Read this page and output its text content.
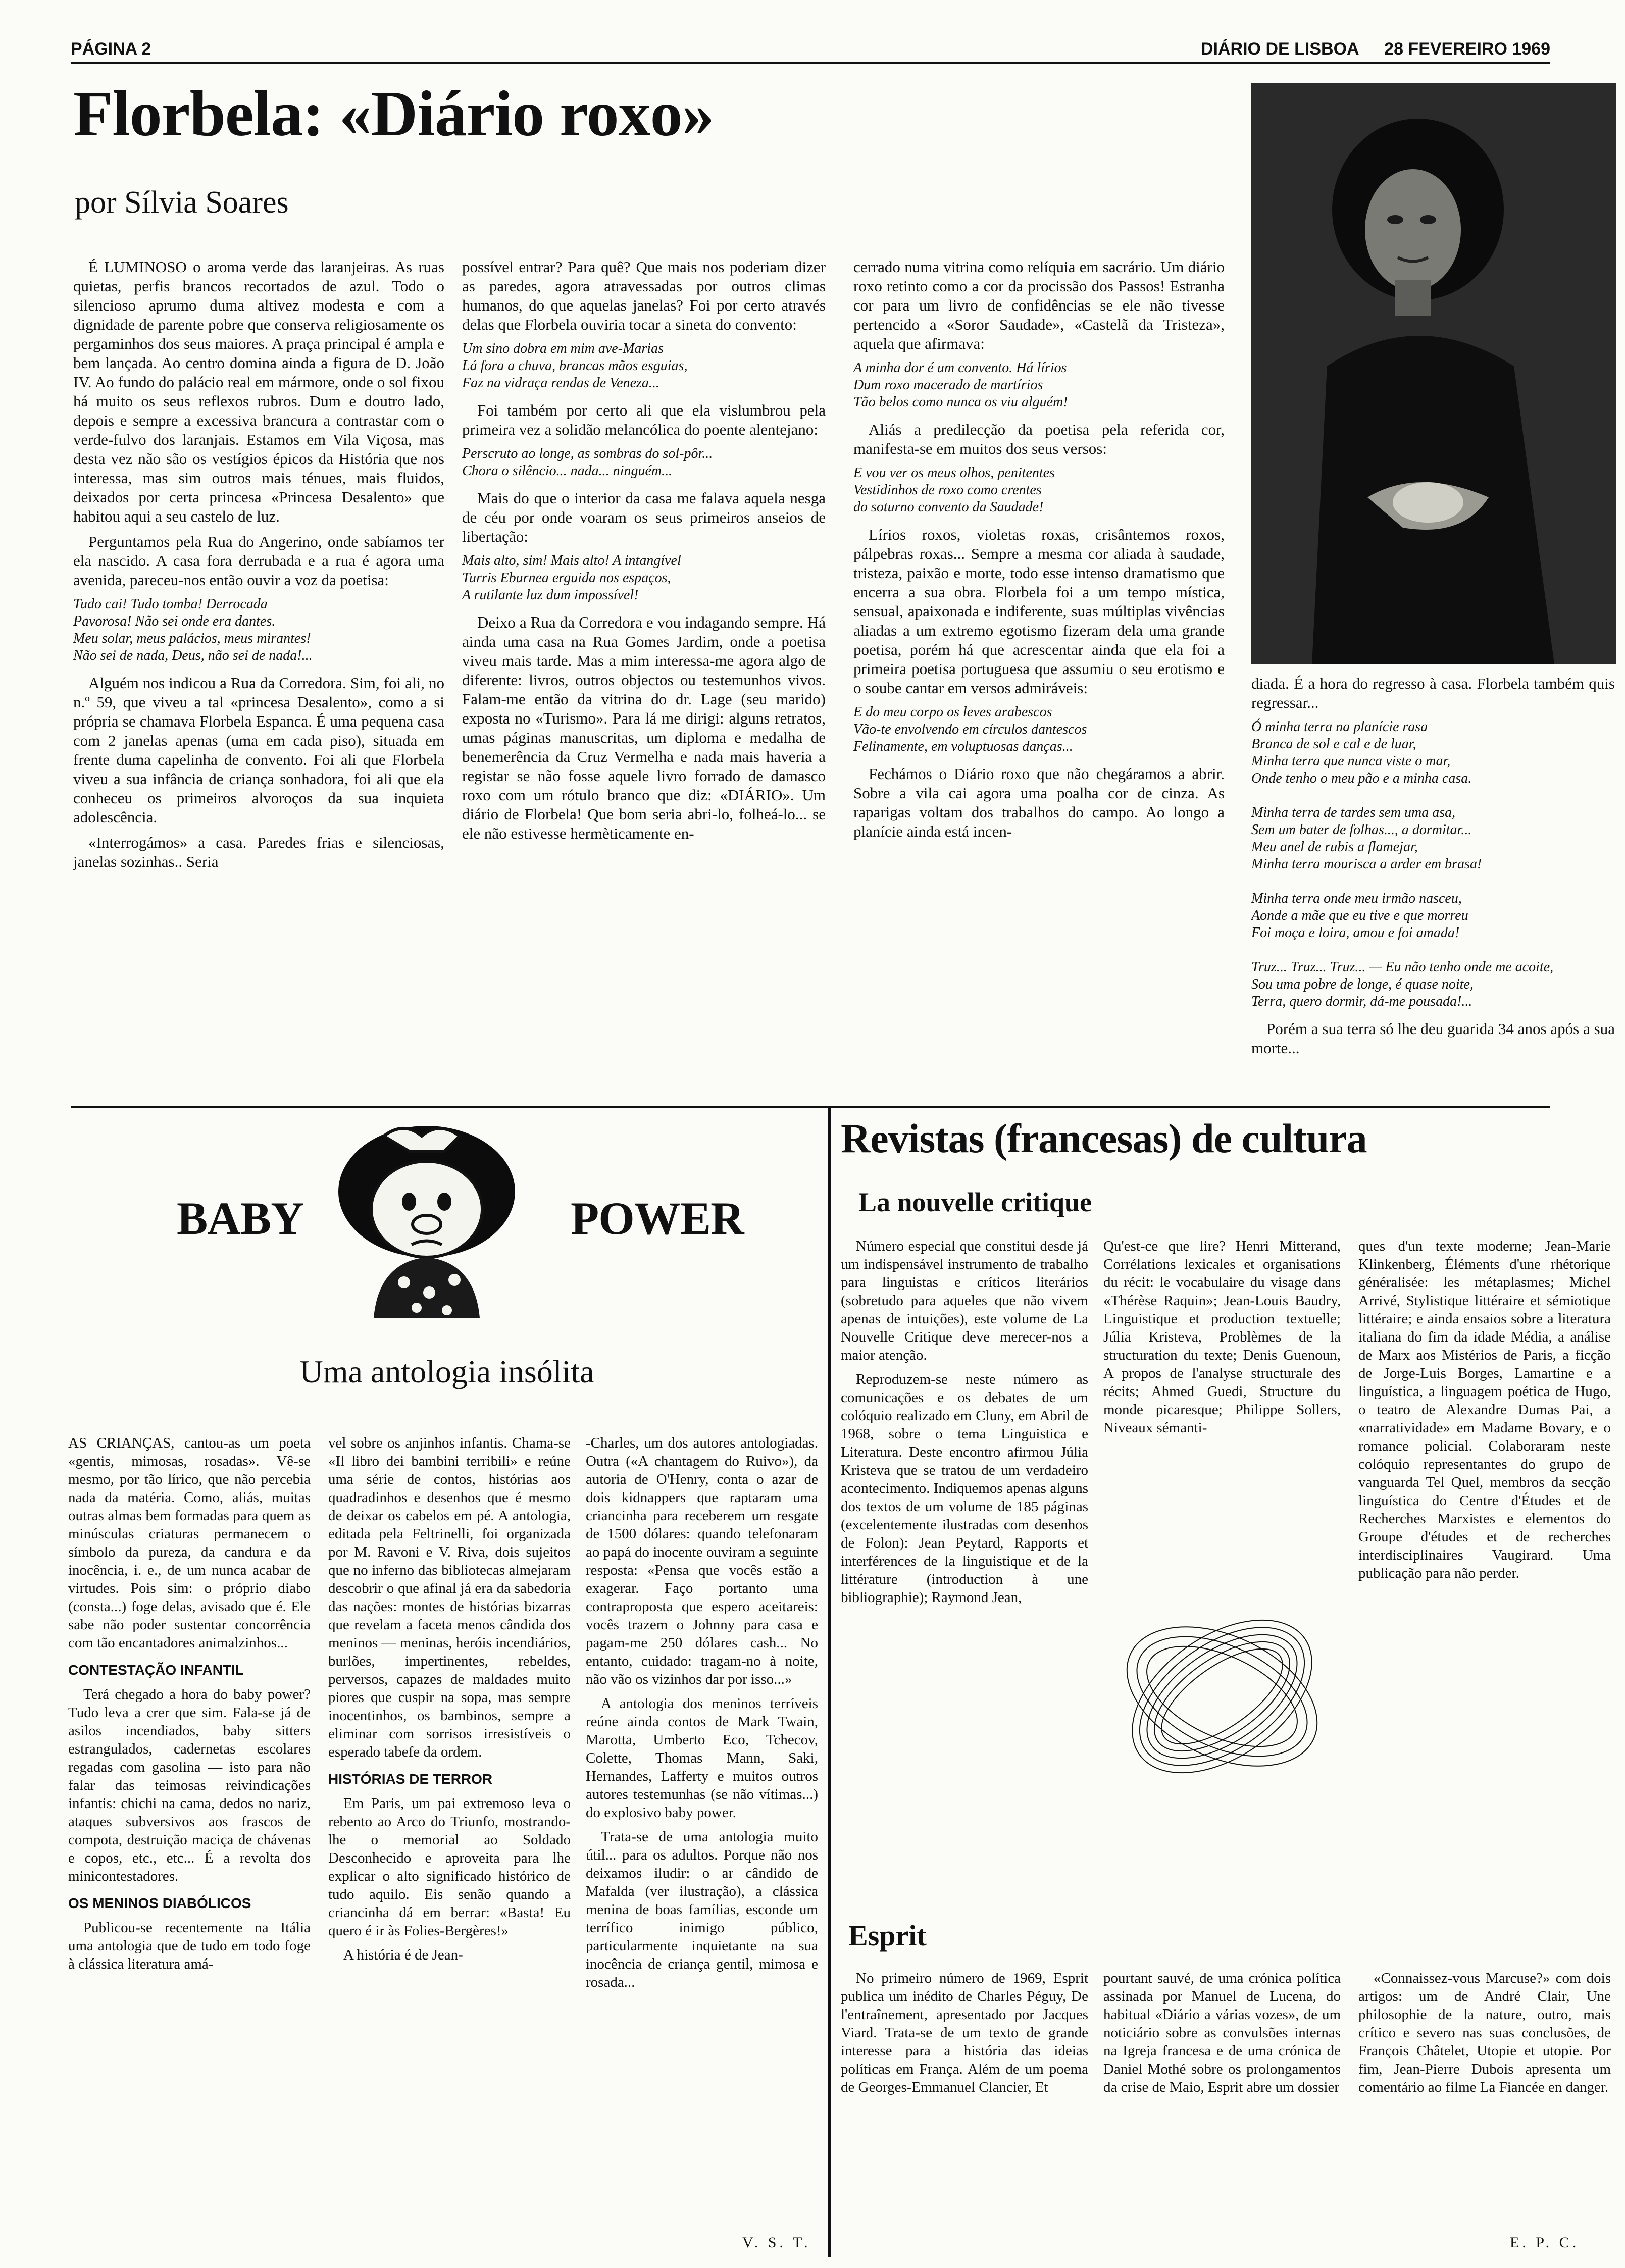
PÁGINA 2	DIÁRIO DE LISBOA 28 FEVEREIRO 1969
Florbela: «Diário roxo»
por Sílvia Soares

É LUMINOSO o aroma verde das laranjeiras. As ruas quietas, perfis brancos recortados de azul. Todo o silencioso aprumo duma altivez modesta e com a dignidade de parente pobre que conserva religiosamente os pergaminhos dos seus maiores. A praça principal é ampla e bem lançada. Ao centro domina ainda a figura de D. João IV. Ao fundo do palácio real em mármore, onde o sol fixou há muito os seus reflexos rubros. Dum e doutro lado, depois e sempre a excessiva brancura a contrastar com o verde-fulvo dos laranjais. Estamos em Vila Viçosa, mas desta vez não são os vestígios épicos da História que nos interessa, mas sim outros mais ténues, mais fluidos, deixados por certa princesa «Princesa Desalento» que habitou aqui a seu castelo de luz.

Perguntamos pela Rua do Angerino, onde sabíamos ter ela nascido. A casa fora derrubada e a rua é agora uma avenida, pareceu-nos então ouvir a voz da poetisa:

Tudo cai! Tudo tomba! Derrocada
Pavorosa! Não sei onde era dantes.
Meu solar, meus palácios, meus mirantes!
Não sei de nada, Deus, não sei de nada!...

Alguém nos indicou a Rua da Corredora. Sim, foi ali, no n.º 59, que viveu a tal «princesa Desalento», como a si própria se chamava Florbela Espanca. É uma pequena casa com 2 janelas apenas (uma em cada piso), situada em frente duma capelinha de convento. Foi ali que Florbela viveu a sua infância de criança sonhadora, foi ali que ela conheceu os primeiros alvoroços da sua inquieta adolescência.

«Interrogámos» a casa. Paredes frias e silenciosas, janelas sozinhas.. Seria

possível entrar? Para quê? Que mais nos poderiam dizer as paredes, agora atravessadas por outros climas humanos, do que aquelas janelas? Foi por certo através delas que Florbela ouviria tocar a sineta do convento:

Um sino dobra em mim ave-Marias
Lá fora a chuva, brancas mãos esguias,
Faz na vidraça rendas de Veneza...

Foi também por certo ali que ela vislumbrou pela primeira vez a solidão melancólica do poente alentejano:

Perscruto ao longe, as sombras do sol-pôr...
Chora o silêncio... nada... ninguém...

Mais do que o interior da casa me falava aquela nesga de céu por onde voaram os seus primeiros anseios de libertação:

Mais alto, sim! Mais alto! A intangível
Turris Eburnea erguida nos espaços,
A rutilante luz dum impossível!

Deixo a Rua da Corredora e vou indagando sempre. Há ainda uma casa na Rua Gomes Jardim, onde a poetisa viveu mais tarde. Mas a mim interessa-me agora algo de diferente: livros, outros objectos ou testemunhos vivos. Falam-me então da vitrina do dr. Lage (seu marido) exposta no «Turismo». Para lá me dirigi: alguns retratos, umas páginas manuscritas, um diploma e medalha de benemerência da Cruz Vermelha e nada mais haveria a registar se não fosse aquele livro forrado de damasco roxo com um rótulo branco que diz: «DIÁRIO». Um diário de Florbela! Que bom seria abri-lo, folheá-lo... se ele não estivesse hermèticamente en-

cerrado numa vitrina como relíquia em sacrário. Um diário roxo retinto como a cor da procissão dos Passos! Estranha cor para um livro de confidências se ele não tivesse pertencido a «Soror Saudade», «Castelã da Tristeza», aquela que afirmava:

A minha dor é um convento. Há lírios
Dum roxo macerado de martírios
Tão belos como nunca os viu alguém!

Aliás a predilecção da poetisa pela referida cor, manifesta-se em muitos dos seus versos:

E vou ver os meus olhos, penitentes
Vestidinhos de roxo como crentes
do soturno convento da Saudade!

Lírios roxos, violetas roxas, crisântemos roxos, pálpebras roxas... Sempre a mesma cor aliada à saudade, tristeza, paixão e morte, todo esse intenso dramatismo que encerra a sua obra. Florbela foi a um tempo mística, sensual, apaixonada e indiferente, suas múltiplas vivências aliadas a um extremo egotismo fizeram dela uma grande poetisa, porém há que acrescentar ainda que ela foi a primeira poetisa portuguesa que assumiu o seu erotismo e o soube cantar em versos admiráveis:

E do meu corpo os leves arabescos
Vão-te envolvendo em círculos dantescos
Felinamente, em voluptuosas danças...

Fechámos o Diário roxo que não chegáramos a abrir. Sobre a vila cai agora uma poalha cor de cinza. As raparigas voltam dos trabalhos do campo. Ao longo a planície ainda está incen-

diada. É a hora do regresso à casa. Florbela também quis regressar...

Ó minha terra na planície rasa
Branca de sol e cal e de luar,
Minha terra que nunca viste o mar,
Onde tenho o meu pão e a minha casa.

Minha terra de tardes sem uma asa,
Sem um bater de folhas..., a dormitar...
Meu anel de rubis a flamejar,
Minha terra mourisca a arder em brasa!

Minha terra onde meu irmão nasceu,
Aonde a mãe que eu tive e que morreu
Foi moça e loira, amou e foi amada!

Truz... Truz... Truz... — Eu não tenho onde me acoite,
Sou uma pobre de longe, é quase noite,
Terra, quero dormir, dá-me pousada!...

Porém a sua terra só lhe deu guarida 34 anos após a sua morte...

BABY	POWER
Uma antologia insólita

AS CRIANÇAS, cantou-as um poeta «gentis, mimosas, rosadas». Vê-se mesmo, por tão lírico, que não percebia nada da matéria. Como, aliás, muitas outras almas bem formadas para quem as minúsculas criaturas permanecem o símbolo da pureza, da candura e da inocência, i. e., de um nunca acabar de virtudes. Pois sim: o próprio diabo (consta...) foge delas, avisado que é. Ele sabe não poder sustentar concorrência com tão encantadores animalzinhos...

CONTESTAÇÃO INFANTIL

Terá chegado a hora do baby power? Tudo leva a crer que sim. Fala-se já de asilos incendiados, baby sitters estrangulados, cadernetas escolares regadas com gasolina — isto para não falar das teimosas reivindicações infantis: chichi na cama, dedos no nariz, ataques subversivos aos frascos de compota, destruição maciça de chávenas e copos, etc., etc... É a revolta dos minicontestadores.

OS MENINOS DIABÓLICOS

Publicou-se recentemente na Itália uma antologia que de tudo em todo foge à clássica literatura amá-

vel sobre os anjinhos infantis. Chama-se «Il libro dei bambini terribili» e reúne uma série de contos, histórias aos quadradinhos e desenhos que é mesmo de deixar os cabelos em pé. A antologia, editada pela Feltrinelli, foi organizada por M. Ravoni e V. Riva, dois sujeitos que no inferno das bibliotecas almejaram descobrir o que afinal já era da sabedoria das nações: montes de histórias bizarras que revelam a faceta menos cândida dos meninos — meninas, heróis incendiários, burlões, impertinentes, rebeldes, perversos, capazes de maldades muito piores que cuspir na sopa, mas sempre inocentinhos, os bambinos, sempre a eliminar com sorrisos irresistíveis o esperado tabefe da ordem.

HISTÓRIAS DE TERROR

Em Paris, um pai extremoso leva o rebento ao Arco do Triunfo, mostrando-lhe o memorial ao Soldado Desconhecido e aproveita para lhe explicar o alto significado histórico de tudo aquilo. Eis senão quando a criancinha dá em berrar: «Basta! Eu quero é ir às Folies-Bergères!»

A história é de Jean-

-Charles, um dos autores antologiadas. Outra («A chantagem do Ruivo»), da autoria de O'Henry, conta o azar de dois kidnappers que raptaram uma criancinha para receberem um resgate de 1500 dólares: quando telefonaram ao papá do inocente ouviram a seguinte resposta: «Pensa que vocês estão a exagerar. Faço portanto uma contraproposta que espero aceitareis: vocês trazem o Johnny para casa e pagam-me 250 dólares cash... No entanto, cuidado: tragam-no à noite, não vão os vizinhos dar por isso...»

A antologia dos meninos terríveis reúne ainda contos de Mark Twain, Marotta, Umberto Eco, Tchecov, Colette, Thomas Mann, Saki, Hernandes, Lafferty e muitos outros autores testemunhas (se não vítimas...) do explosivo baby power.

Trata-se de uma antologia muito útil... para os adultos. Porque não nos deixamos iludir: o ar cândido de Mafalda (ver ilustração), a clássica menina de boas famílias, esconde um terrífico inimigo público, particularmente inquietante na sua inocência de criança gentil, mimosa e rosada...

V. S. T.
Revistas (francesas) de cultura
La nouvelle critique

Número especial que constitui desde já um indispensável instrumento de trabalho para linguistas e críticos literários (sobretudo para aqueles que não vivem apenas de intuições), este volume de La Nouvelle Critique deve merecer-nos a maior atenção.

Reproduzem-se neste número as comunicações e os debates de um colóquio realizado em Cluny, em Abril de 1968, sobre o tema Linguistica e Literatura. Deste encontro afirmou Júlia Kristeva que se tratou de um verdadeiro acontecimento. Indiquemos apenas alguns dos textos de um volume de 185 páginas (excelentemente ilustradas com desenhos de Folon): Jean Peytard, Rapports et interférences de la linguistique et de la littérature (introduction à une bibliographie); Raymond Jean,

Qu'est-ce que lire? Henri Mitterand, Corrélations lexicales et organisations du récit: le vocabulaire du visage dans «Thérèse Raquin»; Jean-Louis Baudry, Linguistique et production textuelle; Júlia Kristeva, Problèmes de la structuration du texte; Denis Guenoun, A propos de l'analyse structurale des récits; Ahmed Guedi, Structure du monde picaresque; Philippe Sollers, Niveaux sémanti-

ques d'un texte moderne; Jean-Marie Klinkenberg, Éléments d'une rhétorique généralisée: les métaplasmes; Michel Arrivé, Stylistique littéraire et sémiotique littéraire; e ainda ensaios sobre a literatura italiana do fim da idade Média, a análise de Marx aos Mistérios de Paris, a ficção de Jorge-Luis Borges, Lamartine e a linguística, a linguagem poética de Hugo, o teatro de Alexandre Dumas Pai, a «narratividade» em Madame Bovary, e o romance policial. Colaboraram neste colóquio representantes do grupo de vanguarda Tel Quel, membros da secção linguística do Centre d'Études et de Recherches Marxistes e elementos do Groupe d'études et de recherches interdisciplinaires Vaugirard. Uma publicação para não perder.

Esprit

No primeiro número de 1969, Esprit publica um inédito de Charles Péguy, De l'entraînement, apresentado por Jacques Viard. Trata-se de um texto de grande interesse para a história das ideias políticas em França. Além de um poema de Georges-Emmanuel Clancier, Et

pourtant sauvé, de uma crónica política assinada por Manuel de Lucena, do habitual «Diário a várias vozes», de um noticiário sobre as convulsões internas na Igreja francesa e de uma crónica de Daniel Mothé sobre os prolongamentos da crise de Maio, Esprit abre um dossier

«Connaissez-vous Marcuse?» com dois artigos: um de André Clair, Une philosophie de la nature, outro, mais crítico e severo nas suas conclusões, de François Châtelet, Utopie et utopie. Por fim, Jean-Pierre Dubois apresenta um comentário ao filme La Fiancée en danger.

E. P. C.
